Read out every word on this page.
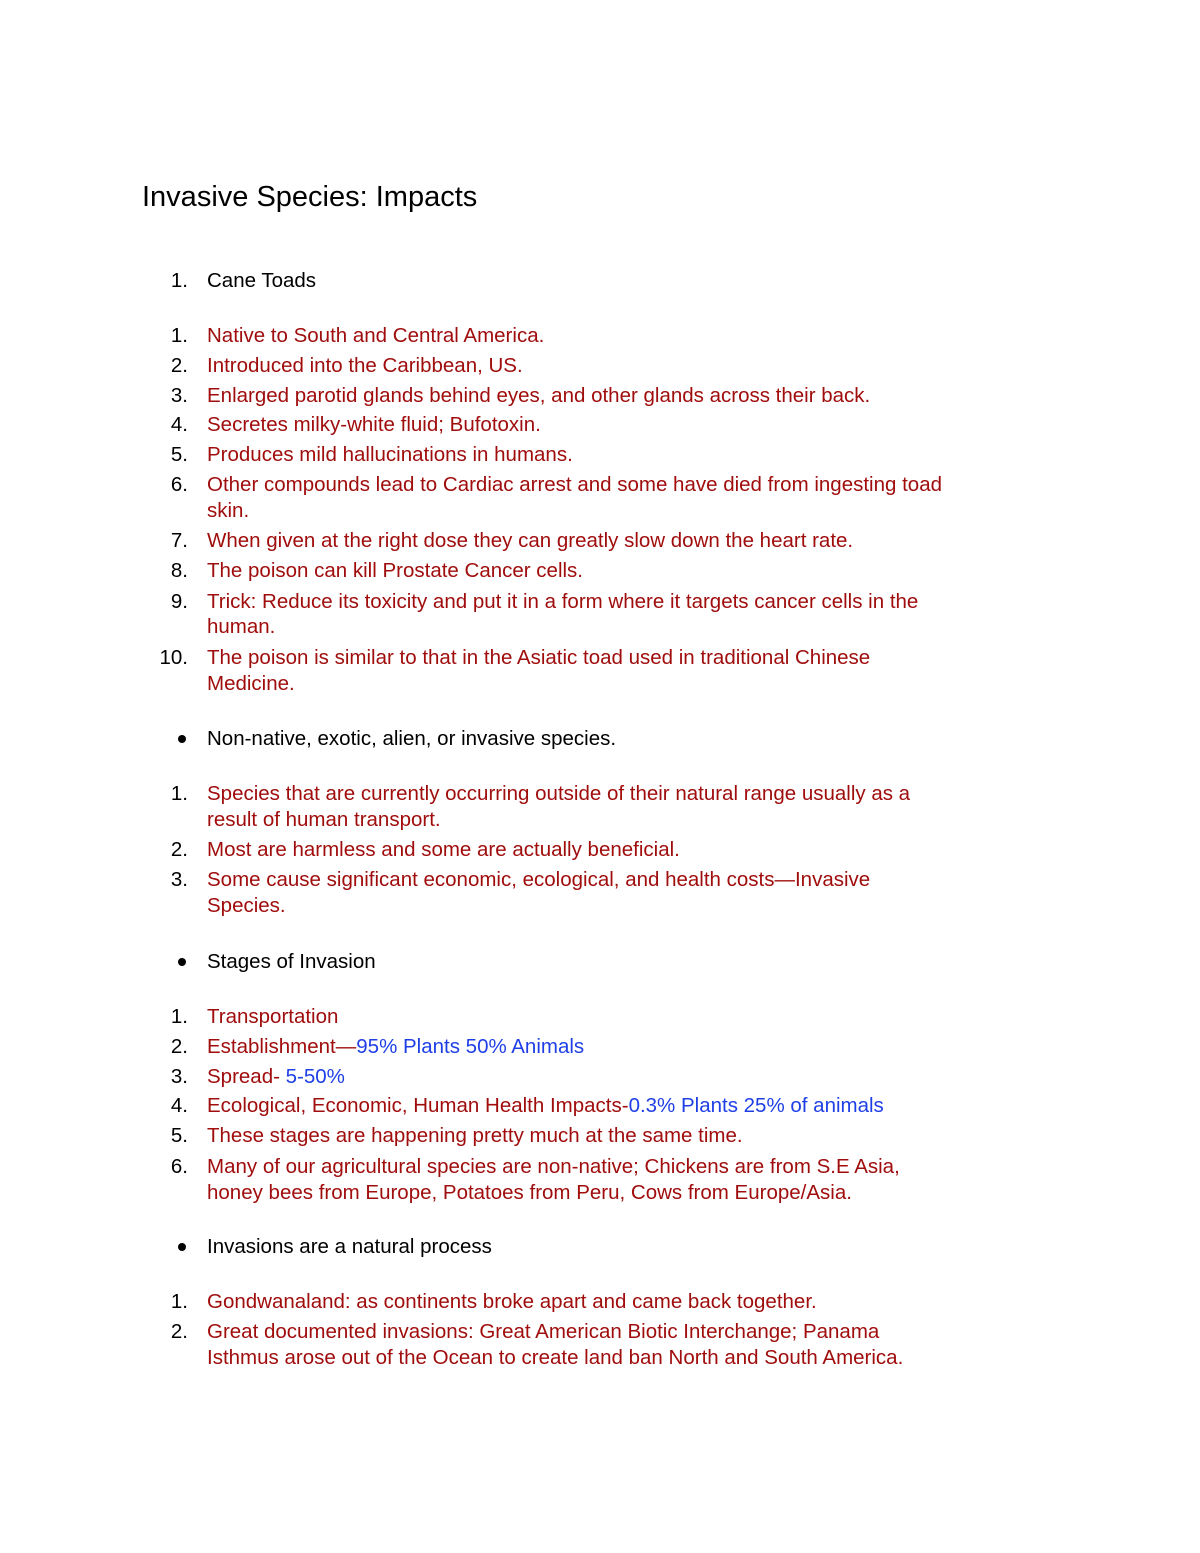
Invasive Species: Impacts
1. Cane Toads

1. Native to South and Central America.

2. Introduced into the Caribbean, US.

3. Enlarged parotid glands behind eyes, and other glands across their back.

4. Secretes milky-white fluid; Bufotoxin.

5. Produces mild hallucinations in humans.

6. Other compounds lead to Cardiac arrest and some have died from ingesting toad

skin.

7. When given at the right dose they can greatly slow down the heart rate.

8. The poison can kill Prostate Cancer cells.

9. Trick: Reduce its toxicity and put it in a form where it targets cancer cells in the

human.

10. The poison is similar to that in the Asiatic toad used in traditional Chinese

Medicine.

Non-native, exotic, alien, or invasive species.

1. Species that are currently occurring outside of their natural range usually as a

result of human transport.

2. Most are harmless and some are actually beneficial.

3. Some cause significant economic, ecological, and health costs—Invasive

Species.

Stages of Invasion

1. Transportation

2. Establishment—95% Plants 50% Animals

3. Spread- 5-50%

4. Ecological, Economic, Human Health Impacts-0.3% Plants 25% of animals

5. These stages are happening pretty much at the same time.

6. Many of our agricultural species are non-native; Chickens are from S.E Asia,

honey bees from Europe, Potatoes from Peru, Cows from Europe/Asia.

Invasions are a natural process

1. Gondwanaland: as continents broke apart and came back together.

2. Great documented invasions: Great American Biotic Interchange; Panama

Isthmus arose out of the Ocean to create land ban North and South America.
